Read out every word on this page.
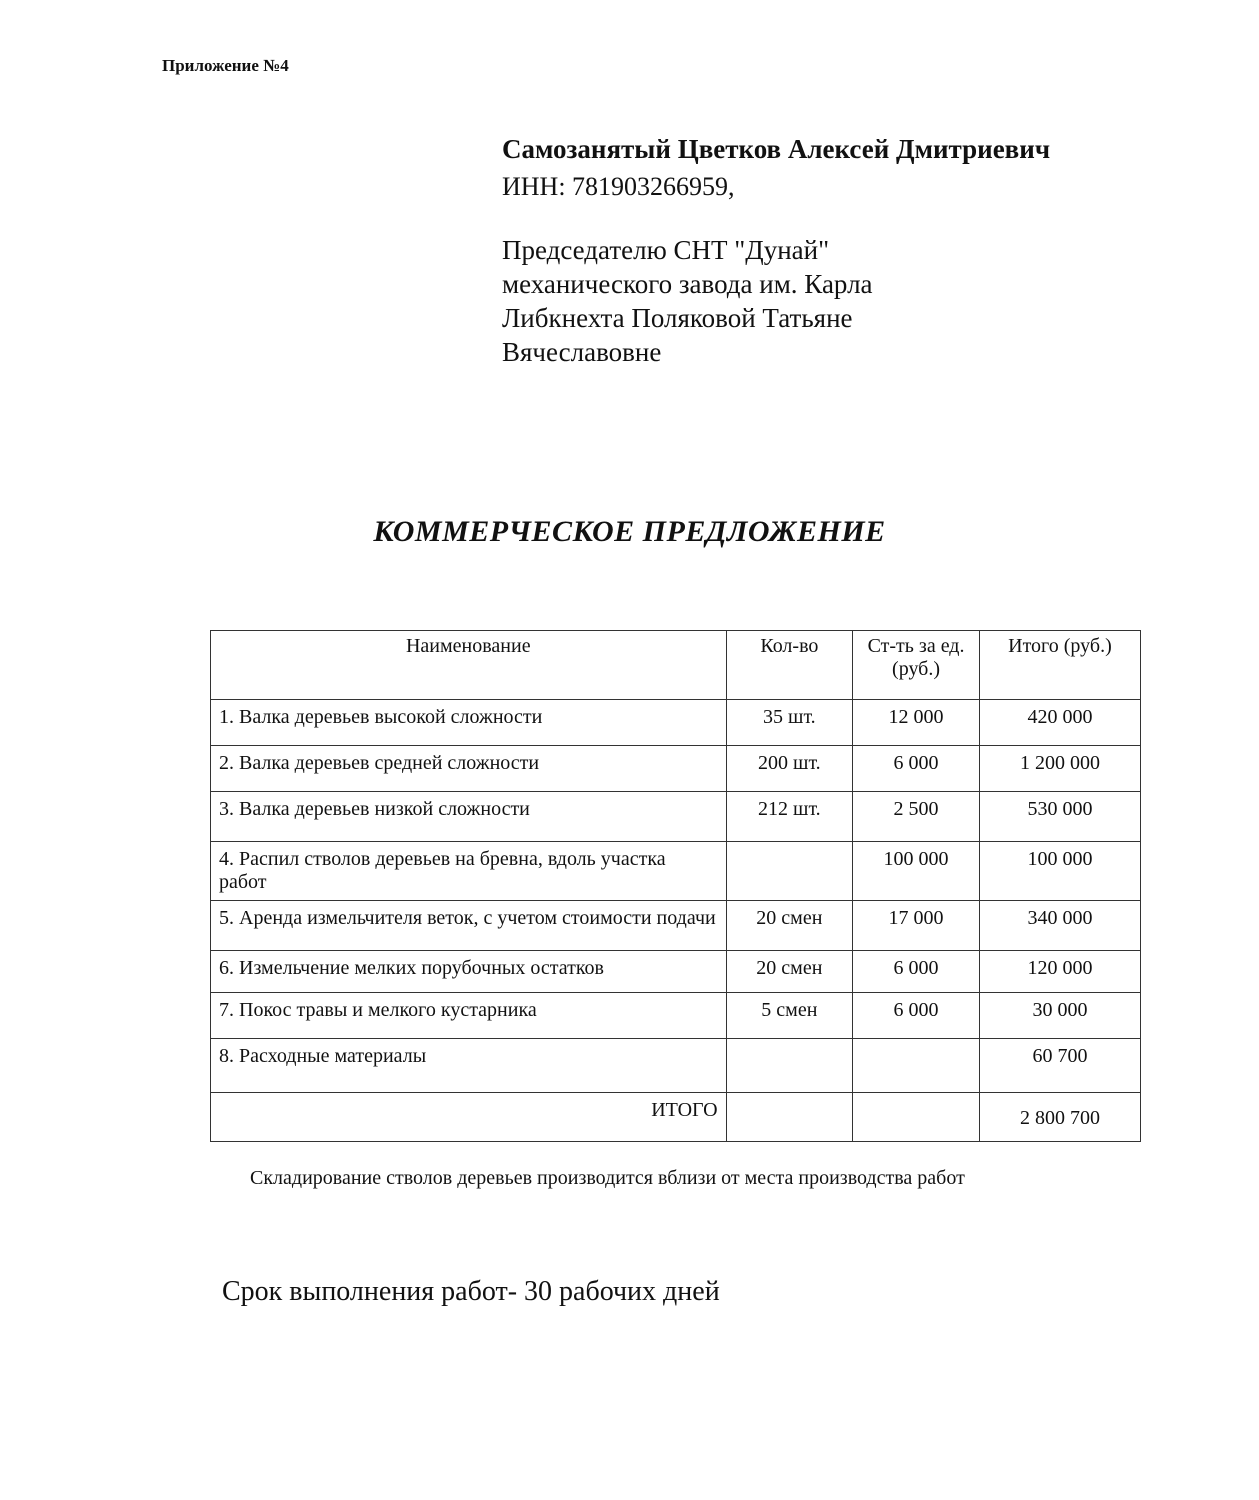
Приложение №4
Самозанятый Цветков Алексей Дмитриевич
ИНН: 781903266959,
Председателю СНТ "Дунай"
механического завода им. Карла
Либкнехта Поляковой Татьяне
Вячеславовне
КОММЕРЧЕСКОЕ ПРЕДЛОЖЕНИЕ
Наименование	Кол-во	Ст-ть за ед. (руб.)	Итого (руб.)
1. Валка деревьев высокой сложности	35 шт.	12 000	420 000
2. Валка деревьев средней сложности	200 шт.	6 000	1 200 000
3. Валка деревьев низкой сложности	212 шт.	2 500	530 000
4. Распил стволов деревьев на бревна, вдоль участка работ		100 000	100 000
5. Аренда измельчителя веток, с учетом стоимости подачи	20 смен	17 000	340 000
6. Измельчение мелких порубочных остатков	20 смен	6 000	120 000
7. Покос травы и мелкого кустарника	5 смен	6 000	30 000
8. Расходные материалы			60 700
ИТОГО			2 800 700
Складирование стволов деревьев производится вблизи от места производства работ
Срок выполнения работ- 30 рабочих дней
